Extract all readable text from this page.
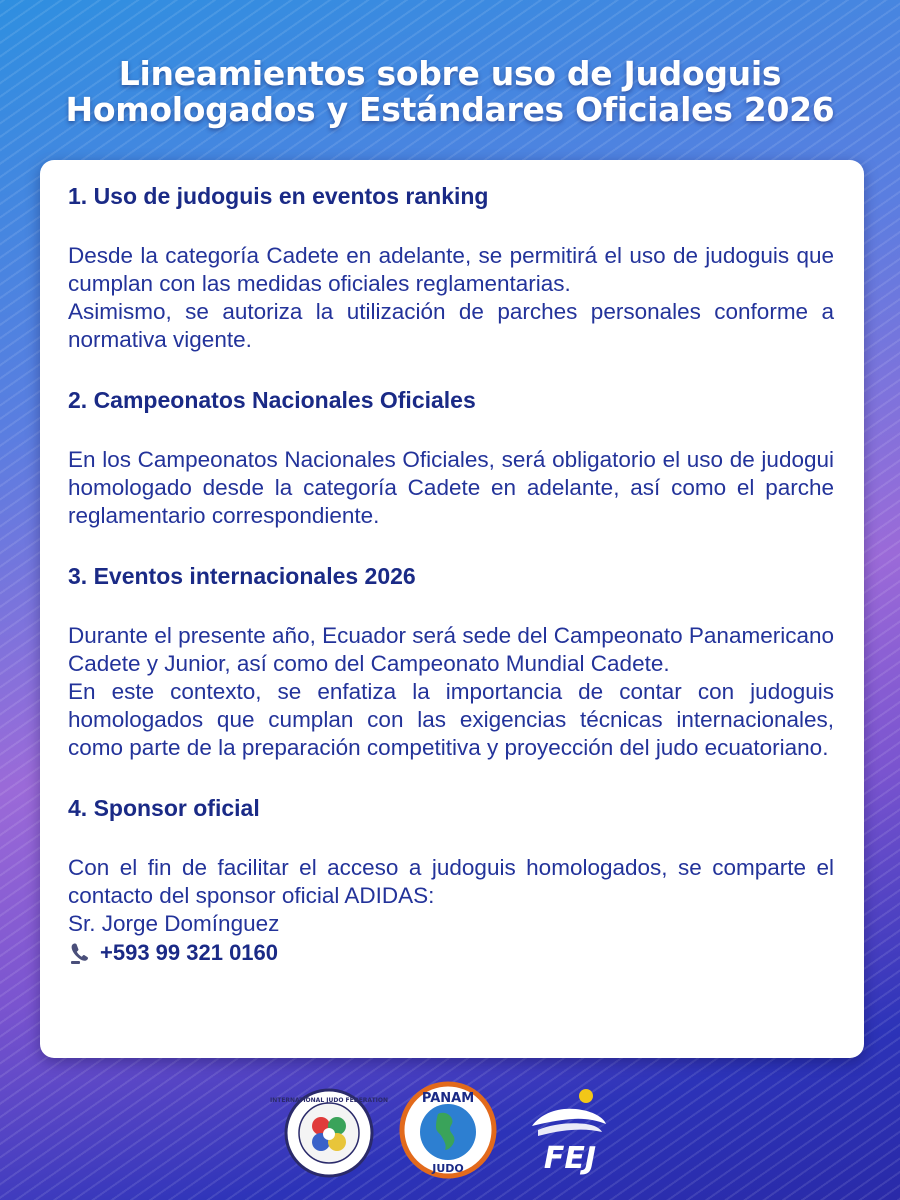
Lineamientos sobre uso de Judoguis
Homologados y Estándares Oficiales 2026
1. Uso de judoguis en eventos ranking

Desde la categoría Cadete en adelante, se permitirá el uso de judoguis que cumplan con las medidas oficiales reglamentarias.

Asimismo, se autoriza la utilización de parches personales conforme a normativa vigente.

2. Campeonatos Nacionales Oficiales

En los Campeonatos Nacionales Oficiales, será obligatorio el uso de judogui homologado desde la categoría Cadete en adelante, así como el parche reglamentario correspondiente.

3. Eventos internacionales 2026

Durante el presente año, Ecuador será sede del Campeonato Panamericano Cadete y Junior, así como del Campeonato Mundial Cadete.

En este contexto, se enfatiza la importancia de contar con judoguis homologados que cumplan con las exigencias técnicas internacionales, como parte de la preparación competitiva y proyección del judo ecuatoriano.

4. Sponsor oficial

Con el fin de facilitar el acceso a judoguis homologados, se comparte el contacto del sponsor oficial ADIDAS:

Sr. Jorge Domínguez

+593 99 321 0160
INTERNATIONAL JUDO FEDERATION	PANAM
JUDO	FEJ
